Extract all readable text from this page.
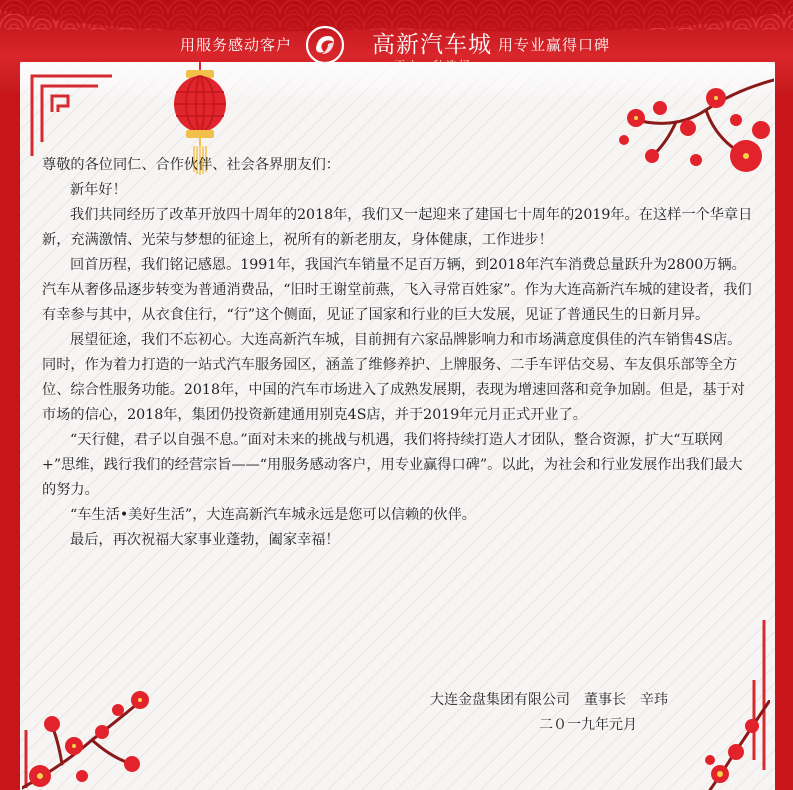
用服务感动客户	高新汽车城 用专业赢得口碑

尊敬的各位同仁、合作伙伴、社会各界朋友们：

新年好！

我们共同经历了改革开放四十周年的2018年，我们又一起迎来了建国七十周年的2019年。在这样一个华章日新，充满激情、光荣与梦想的征途上，祝所有的新老朋友，身体健康，工作进步！

回首历程，我们铭记感恩。1991年，我国汽车销量不足百万辆，到2018年汽车消费总量跃升为2800万辆。汽车从奢侈品逐步转变为普通消费品，“旧时王谢堂前燕，飞入寻常百姓家”。作为大连高新汽车城的建设者，我们有幸参与其中，从衣食住行，“行”这个侧面，见证了国家和行业的巨大发展，见证了普通民生的日新月异。

展望征途，我们不忘初心。大连高新汽车城，目前拥有六家品牌影响力和市场满意度俱佳的汽车销售4S店。同时，作为着力打造的一站式汽车服务园区，涵盖了维修养护、上牌服务、二手车评估交易、车友俱乐部等全方位、综合性服务功能。2018年，中国的汽车市场进入了成熟发展期，表现为增速回落和竞争加剧。但是，基于对市场的信心，2018年，集团仍投资新建通用别克4S店，并于2019年元月正式开业了。

“天行健，君子以自强不息。”面对未来的挑战与机遇，我们将持续打造人才团队，整合资源，扩大“互联网+”思维，践行我们的经营宗旨——“用服务感动客户，用专业赢得口碑”。以此，为社会和行业发展作出我们最大的努力。

“车生活•美好生活”，大连高新汽车城永远是您可以信赖的伙伴。

最后，再次祝福大家事业蓬勃，阖家幸福！

大连金盘集团有限公司　董事长　辛玮
二０一九年元月
